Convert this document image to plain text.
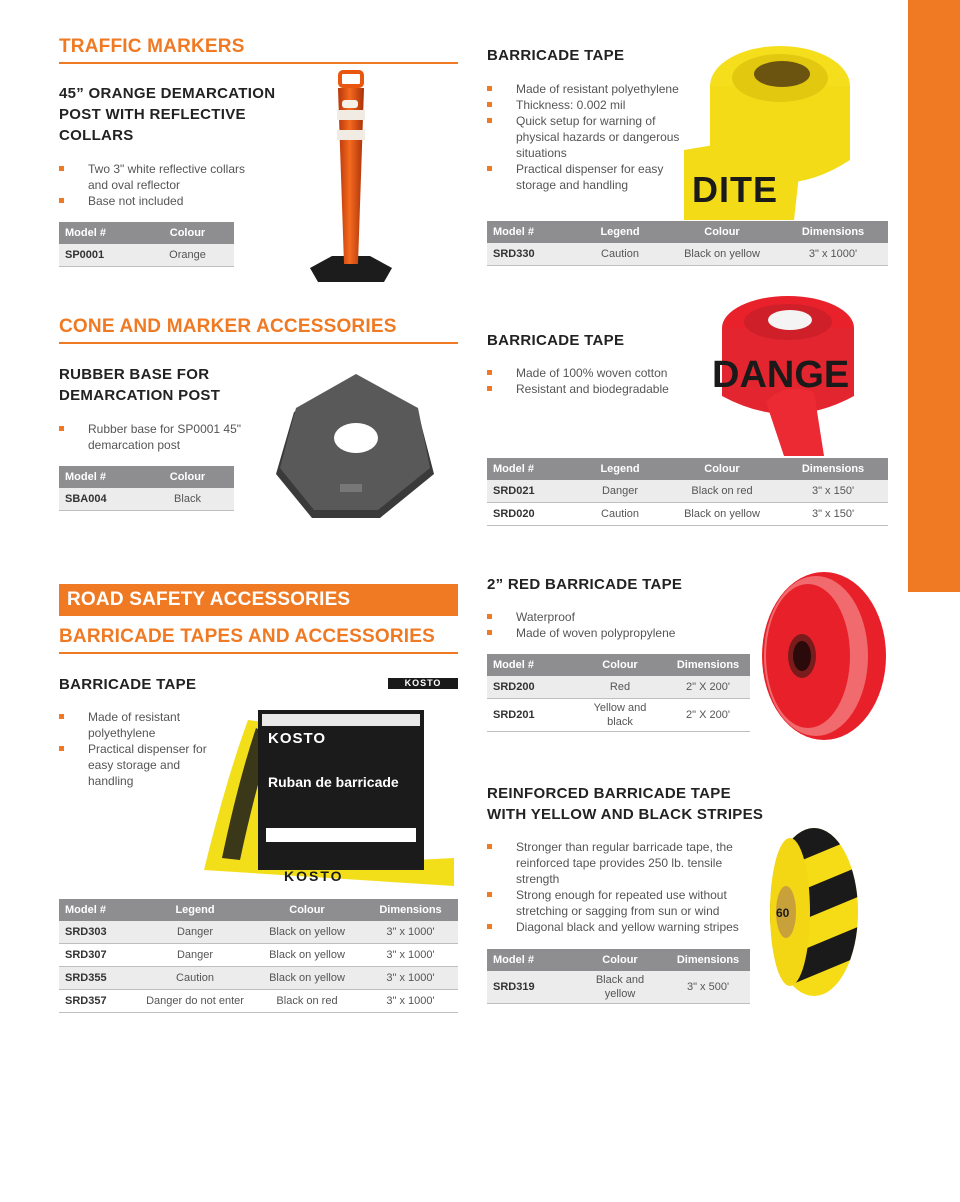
TRAFFIC MARKERS
45” ORANGE DEMARCATION
POST WITH REFLECTIVE
COLLARS
Two 3" white reflective collars and oval reflector
Base not included
Model #	Colour
SP0001	Orange
CONE AND MARKER ACCESSORIES
RUBBER BASE FOR
DEMARCATION POST
Rubber base for SP0001 45" demarcation post
Model #	Colour
SBA004	Black
ROAD SAFETY ACCESSORIES
BARRICADE TAPES AND ACCESSORIES
BARRICADE TAPE	KOSTO
Made of resistant polyethylene
Practical dispenser for easy storage and handling
KOSTO
Ruban de barricade
KOSTO
Model #	Legend	Colour	Dimensions
SRD303	Danger	Black on yellow	3" x 1000'
SRD307	Danger	Black on yellow	3" x 1000'
SRD355	Caution	Black on yellow	3" x 1000'
SRD357	Danger do not enter	Black on red	3" x 1000'
BARRICADE TAPE
Made of resistant polyethylene
Thickness: 0.002 mil
Quick setup for warning of physical hazards or dangerous situations
Practical dispenser for easy storage and handling	DITE
Model #	Legend	Colour	Dimensions
SRD330	Caution	Black on yellow	3" x 1000'
BARRICADE TAPE
Made of 100% woven cotton
Resistant and biodegradable	DANGE
Model #	Legend	Colour	Dimensions
SRD021	Danger	Black on red	3" x 150'
SRD020	Caution	Black on yellow	3" x 150'
2” RED BARRICADE TAPE
Waterproof
Made of woven polypropylene
Model #	Colour	Dimensions
SRD200	Red	2" X 200'
SRD201	Yellow and black	2" X 200'
REINFORCED BARRICADE TAPE
WITH YELLOW AND BLACK STRIPES
Stronger than regular barricade tape, the reinforced tape provides 250 lb. tensile strength
Strong enough for repeated use without stretching or sagging from sun or wind
Diagonal black and yellow warning stripes
60
Model #	Colour	Dimensions
SRD319	Black and yellow	3" x 500'
